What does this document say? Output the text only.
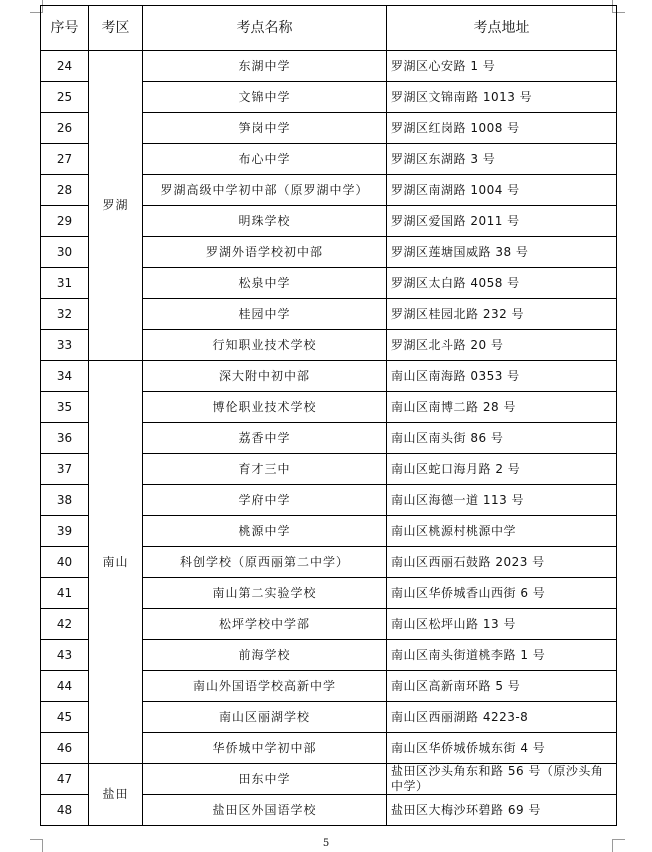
序号	考区	考点名称	考点地址
24	罗湖	东湖中学	罗湖区心安路 1 号
25		文锦中学	罗湖区文锦南路 1013 号
26		笋岗中学	罗湖区红岗路 1008 号
27		布心中学	罗湖区东湖路 3 号
28		罗湖高级中学初中部（原罗湖中学）	罗湖区南湖路 1004 号
29		明珠学校	罗湖区爱国路 2011 号
30		罗湖外语学校初中部	罗湖区莲塘国威路 38 号
31		松泉中学	罗湖区太白路 4058 号
32		桂园中学	罗湖区桂园北路 232 号
33		行知职业技术学校	罗湖区北斗路 20 号
34	南山	深大附中初中部	南山区南海路 0353 号
35		博伦职业技术学校	南山区南博二路 28 号
36		荔香中学	南山区南头街 86 号
37		育才三中	南山区蛇口海月路 2 号
38		学府中学	南山区海德一道 113 号
39		桃源中学	南山区桃源村桃源中学
40		科创学校（原西丽第二中学）	南山区西丽石鼓路 2023 号
41		南山第二实验学校	南山区华侨城香山西街 6 号
42		松坪学校中学部	南山区松坪山路 13 号
43		前海学校	南山区南头街道桃李路 1 号
44		南山外国语学校高新中学	南山区高新南环路 5 号
45		南山区丽湖学校	南山区西丽湖路 4223-8
46		华侨城中学初中部	南山区华侨城侨城东街 4 号
47	盐田	田东中学	盐田区沙头角东和路 56 号（原沙头角中学）
48		盐田区外国语学校	盐田区大梅沙环碧路 69 号
5
